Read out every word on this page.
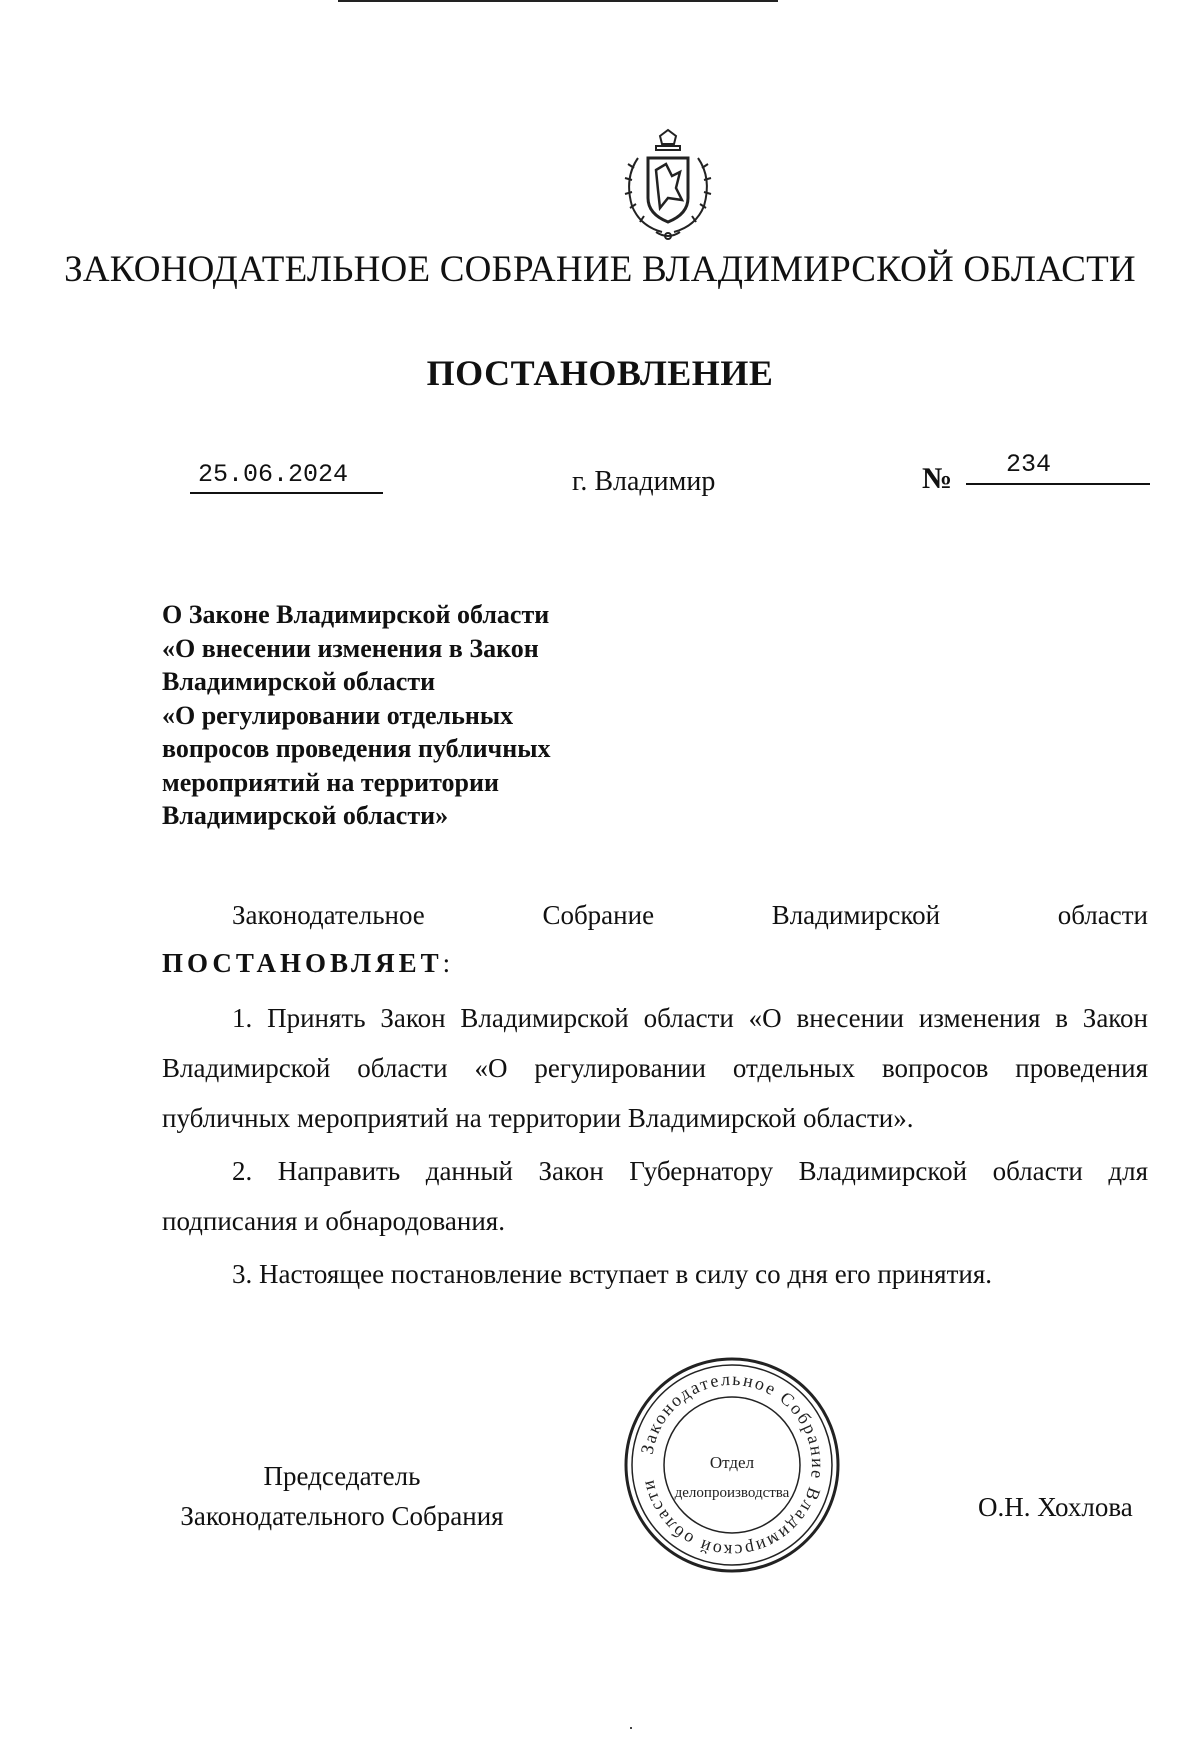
ЗАКОНОДАТЕЛЬНОЕ СОБРАНИЕ ВЛАДИМИРСКОЙ ОБЛАСТИ
ПОСТАНОВЛЕНИЕ
25.06.2024	г. Владимир	№ 234
О Законе Владимирской области
«О внесении изменения в Закон
Владимирской области
«О регулировании отдельных
вопросов проведения публичных
мероприятий на территории
Владимирской области»
Законодательное	Собрание	Владимирской	области
ПОСТАНОВЛЯЕТ:
1. Принять Закон Владимирской области «О внесении изменения в Закон Владимирской области «О регулировании отдельных вопросов проведения публичных мероприятий на территории Владимирской области».
2. Направить данный Закон Губернатору Владимирской области для подписания и обнародования.
3. Настоящее постановление вступает в силу со дня его принятия.
Председатель
Законодательного Собрания
Законодательное Собрание Владимирской области
Отдел
делопроизводства	О.Н. Хохлова
